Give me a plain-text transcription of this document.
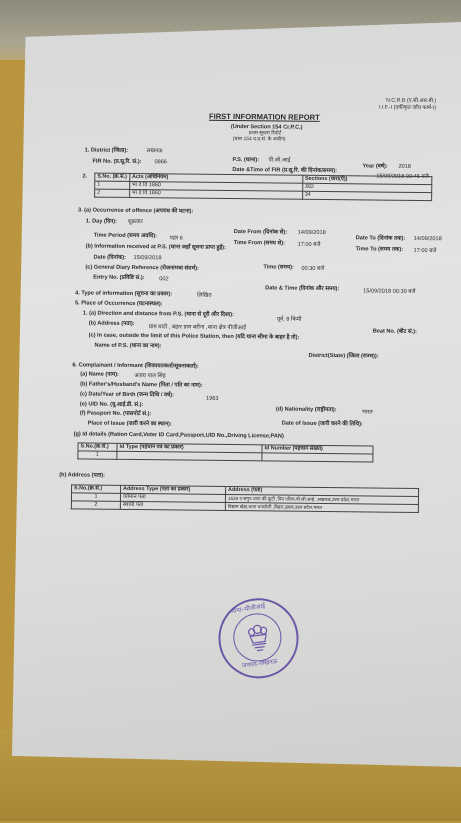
N.C.R.B (ए.सी.आर.बी.)
I.I.F.-I (एकीकृत जाँच फार्म-I)
FIRST INFORMATION REPORT
(Under Section 154 Cr.P.C.)
प्रथम सूचना रिपोर्ट
(धारा 154 द.प्र.सं. के अधीन)
1. District (जिला):	लखनऊ
P.S. (थाना): पी.जी.आई.
Year (वर्ष): 2018
FIR No. (प्र.सू.रि. सं.): 0866
Date &Time of FIR (प्र.सू.रि. की दिनांक/समय):
15/09/2018 00:45 बजे
2. S.No. (क्र.सं.)	Acts (अधिनियम)	Sections (धारा(एँ))
1	भा द वि 1860	302
2	भा द वि 1860	34
3. (a) Occurrence of offence (अपराध की घटना):
1. Day (दिन): शुक्रवार
Date From (दिनांक से): 14/09/2018
Date To (दिनांक तक): 14/09/2018
Time Period (समय अवधि): पहर 6
Time From (समय से): 17:00 बजे
Time To (समय तक): 17:00 बजे
(b) Information received at P.S. (थाना जहाँ सूचना प्राप्त हुई):
Date (दिनांक): 15/09/2018
Time (समय): 00:30 बजे
(c) General Diary Reference (रोजनामचा संदर्भ):
Entry No. (प्रविष्टि सं.):	002
Date & Time (दिनांक और समय):	15/09/2018 00:30 बजे
4. Type of information (सूचना का प्रकार):	लिखित
5. Place of Occurrence (घटनास्थल):
1. (a) Direction and distance from P.S. (थाना से दूरी और दिशा):
पूर्व, 8 किमी
(b) Address (पता):
ग्राम घाटी , बहार ग्राम बरौना ,थाना क्षेत्र पीजीआई
Beat No. (बीट सं.):
(c) In case, outside the limit of this Police Station, then (यदि थाना सीमा के बाहर है तो):
Name of P.S. (थाना का नाम):
District(State) (जिला (राज्य)):
6. Complainant / Informant (शिकायतकर्ता/सूचनाकर्ता):
(a) Name (नाम):	अजय पाल सिंह
(b) Father's/Husband's Name (पिता / पति का नाम):
(c) Date/Year of Birth (जन्म तिथि / वर्ष):
1963
(d) Nationality (राष्ट्रीयता):	भारत
(e) UID No. (यू.आई.डी. सं.):
(f) Passport No. (पासपोर्ट सं.):
Date of Issue (जारी करने की तिथि):
Place of Issue (जारी करने का स्थान):
(g) Id details (Ration Card,Voter ID Card,Passport,UID No.,Driving License,PAN)
S.No.(क्र.सं.)	Id Type (पहचान पत्र का प्रकार)	Id Number (पहचान संख्या)
1		
(h) Address (पता):
S.No.(क्र.सं.)	Address Type (पता का प्रकार)	Address (पता)
1	वर्तमान पता	1639 ए सगुप धाना की कुटी ,विम एरिया,पी.जी.आई. ,लखनऊ,उत्तर प्रदेश,भारत
2	स्थायी पता	विद्याम खेड़ा,थाना धनसोली ,बिहार,उन्नाव,उत्तर प्रदेश,भारत
थाना–पीजीआई
जनपद–लखनऊ
